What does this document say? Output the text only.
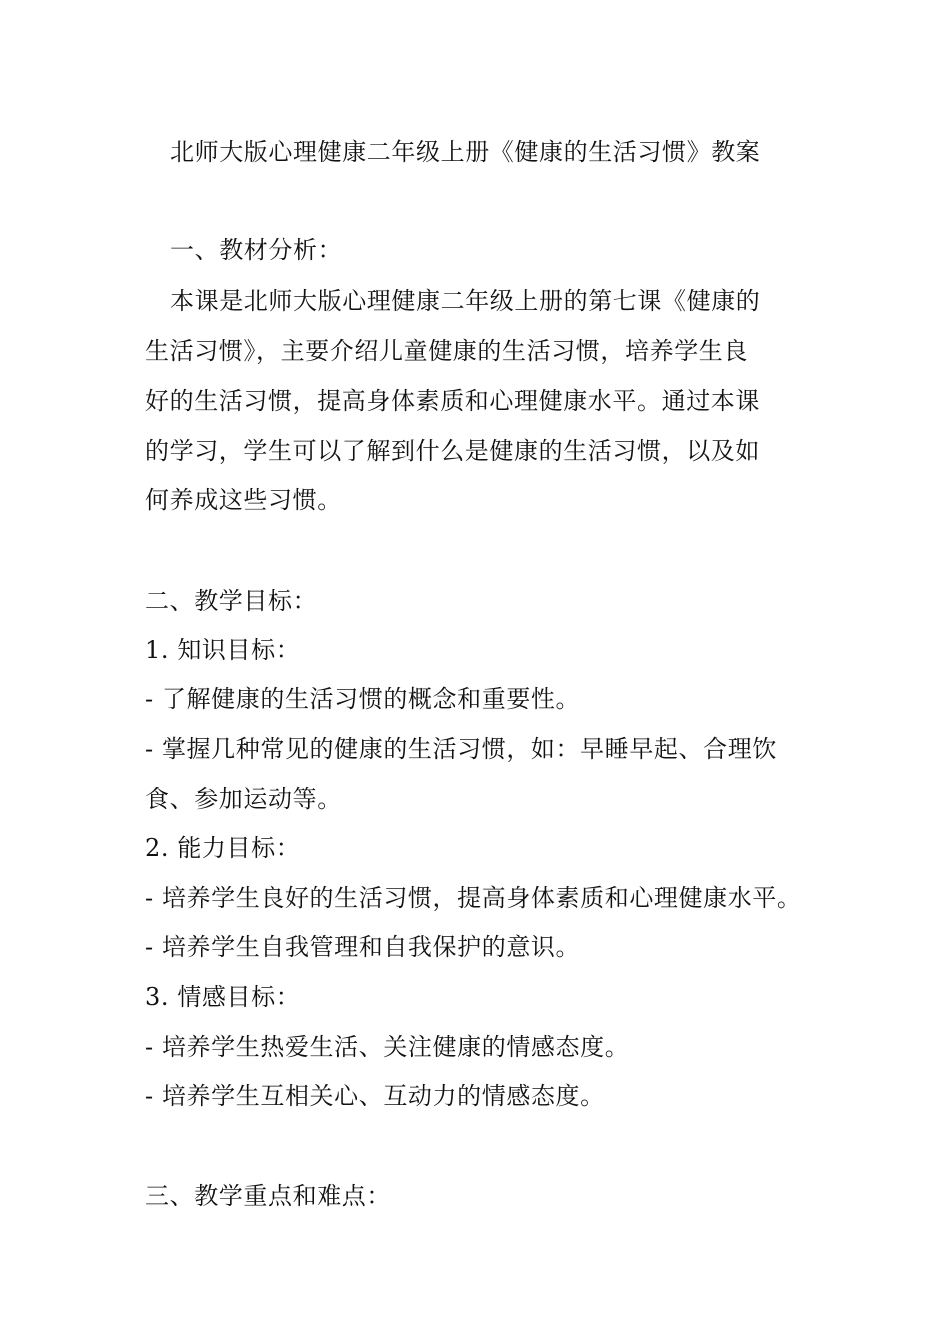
北师大版心理健康二年级上册《健康的生活习惯》教案

一、教材分析：

本课是北师大版心理健康二年级上册的第七课《健康的

生活习惯》，主要介绍儿童健康的生活习惯，培养学生良

好的生活习惯，提高身体素质和心理健康水平。通过本课

的学习，学生可以了解到什么是健康的生活习惯，以及如

何养成这些习惯。

二、教学目标：

1. 知识目标：

- 了解健康的生活习惯的概念和重要性。

- 掌握几种常见的健康的生活习惯，如：早睡早起、合理饮

食、参加运动等。

2. 能力目标：

- 培养学生良好的生活习惯，提高身体素质和心理健康水平。

- 培养学生自我管理和自我保护的意识。

3. 情感目标：

- 培养学生热爱生活、关注健康的情感态度。

- 培养学生互相关心、互动力的情感态度。

三、教学重点和难点：
